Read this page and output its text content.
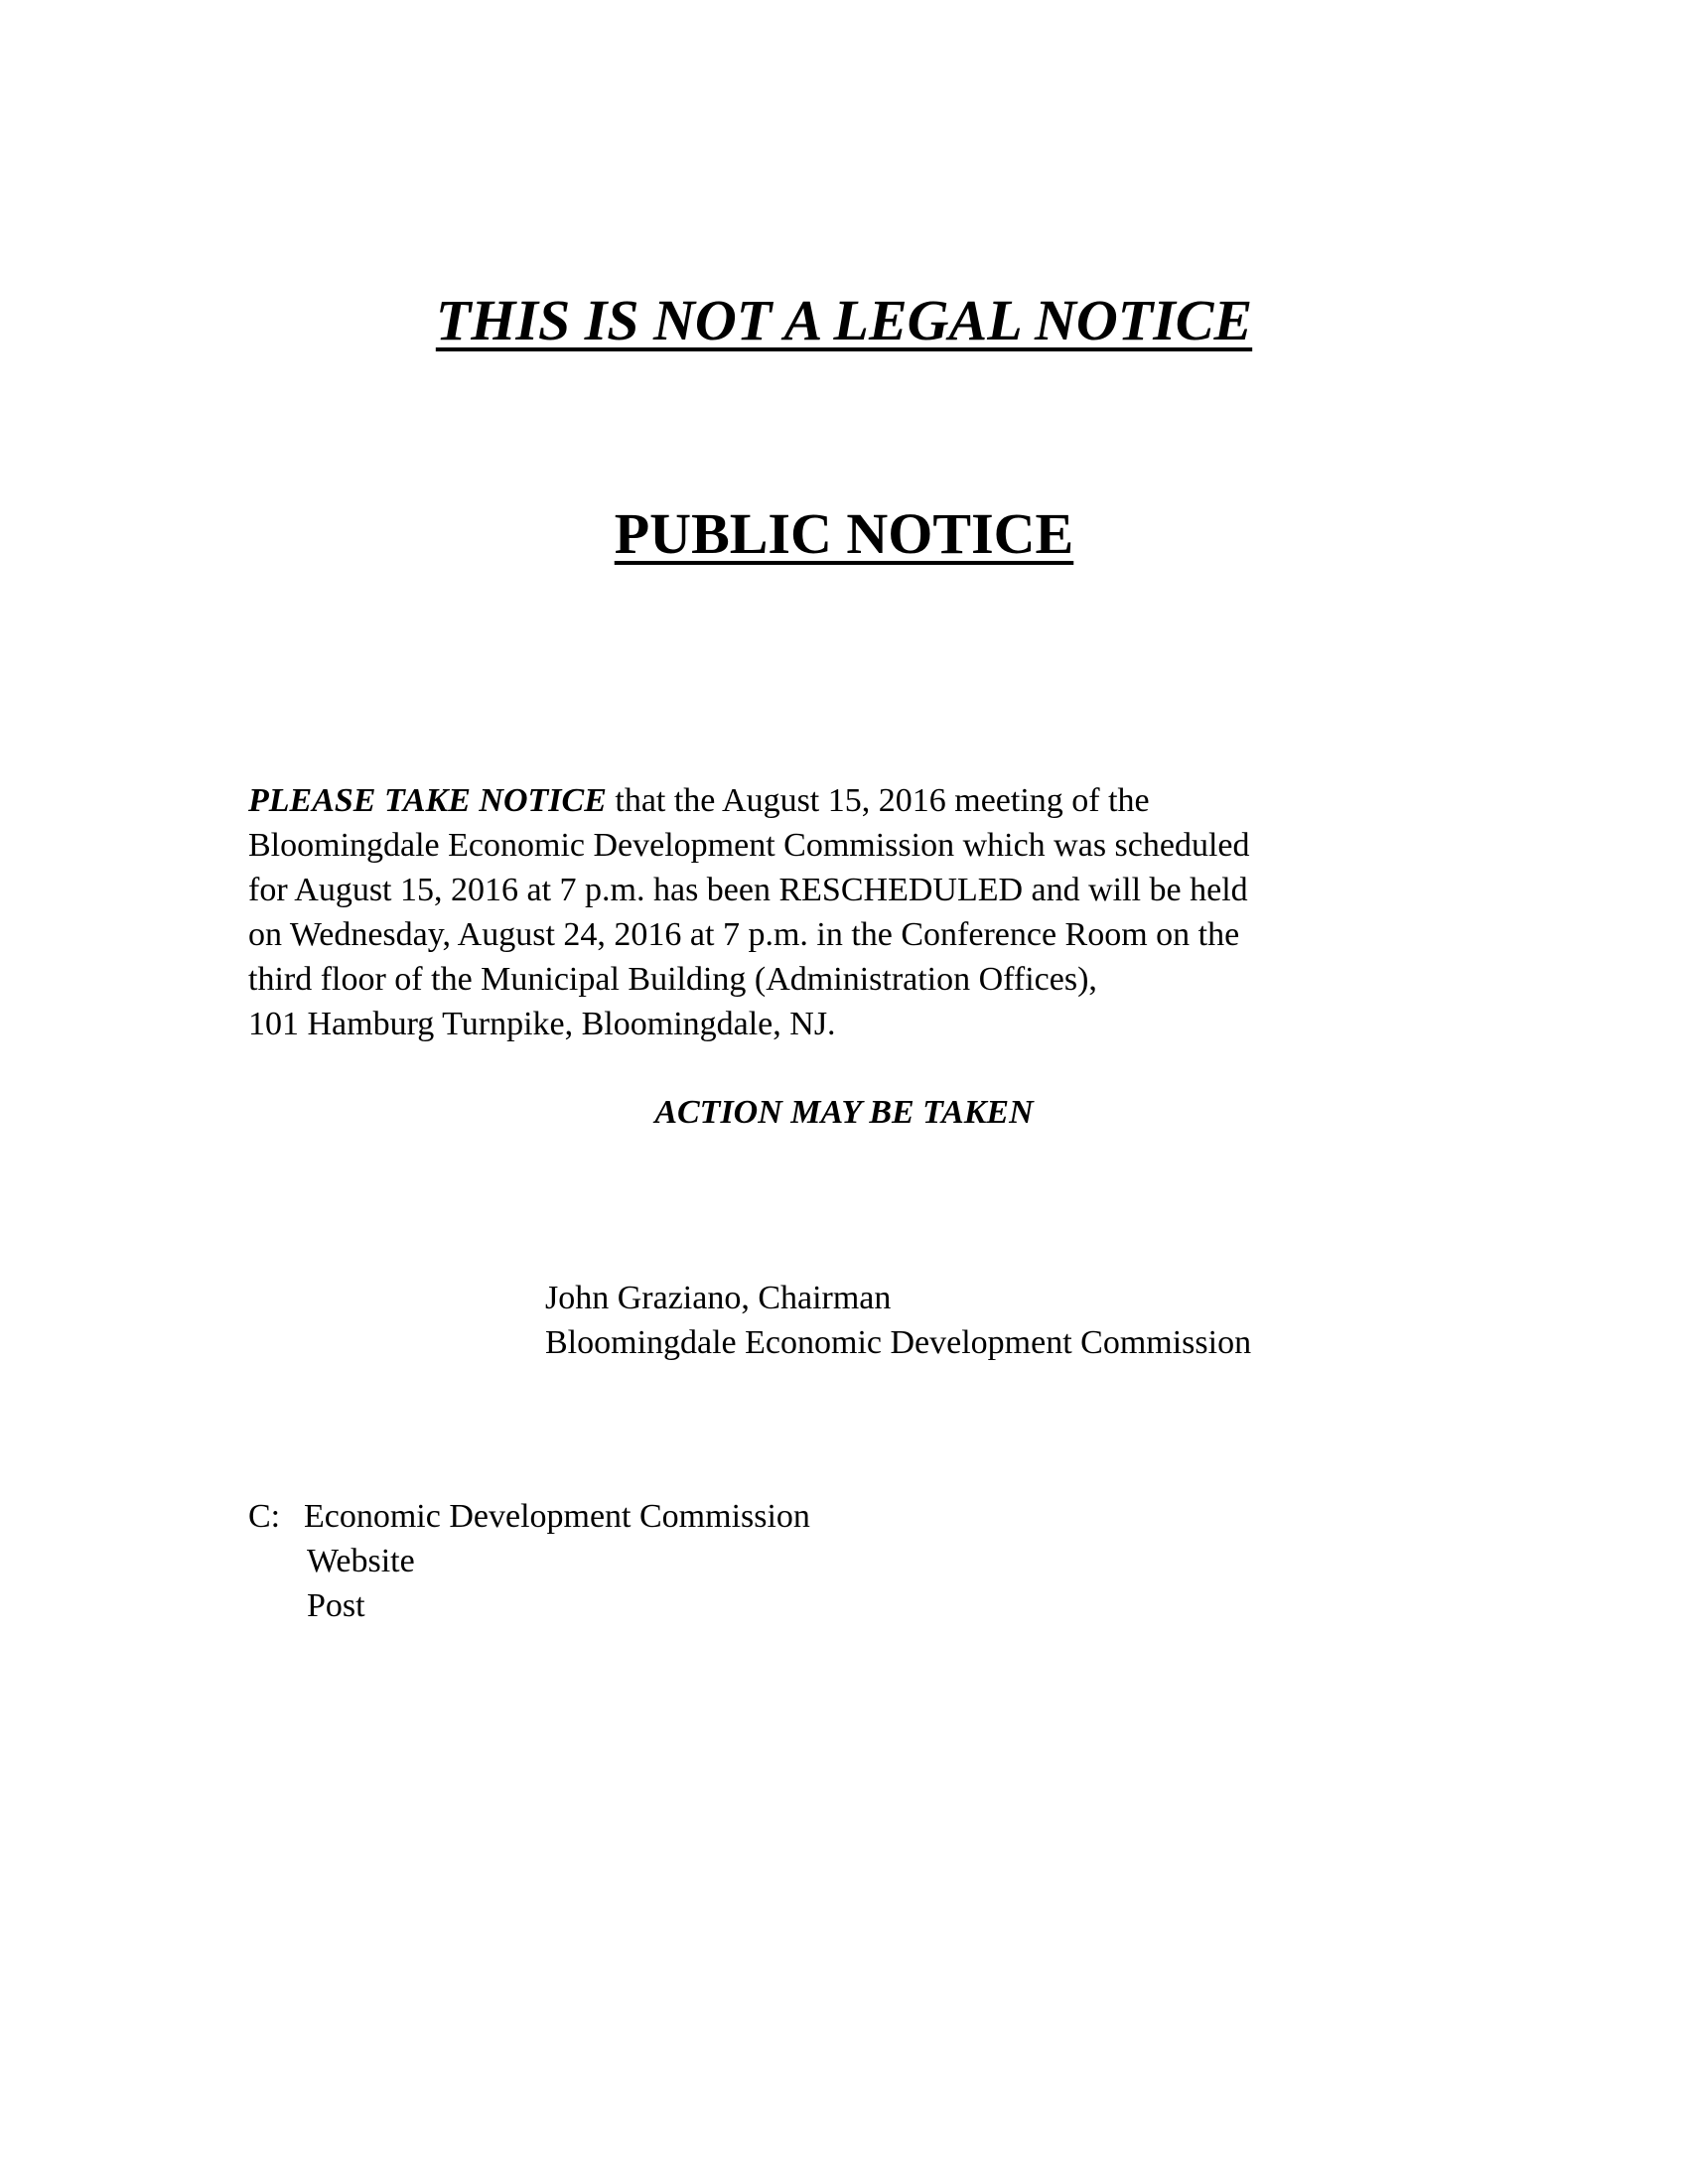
THIS IS NOT A LEGAL NOTICE
PUBLIC NOTICE
PLEASE TAKE NOTICE that the August 15, 2016 meeting of the
Bloomingdale Economic Development Commission which was scheduled
for August 15, 2016 at 7 p.m. has been RESCHEDULED and will be held
on Wednesday, August 24, 2016 at 7 p.m. in the Conference Room on the
third floor of the Municipal Building (Administration Offices),
101 Hamburg Turnpike, Bloomingdale, NJ.
ACTION MAY BE TAKEN
John Graziano, Chairman
Bloomingdale Economic Development Commission
C: Economic Development Commission
Website
Post
